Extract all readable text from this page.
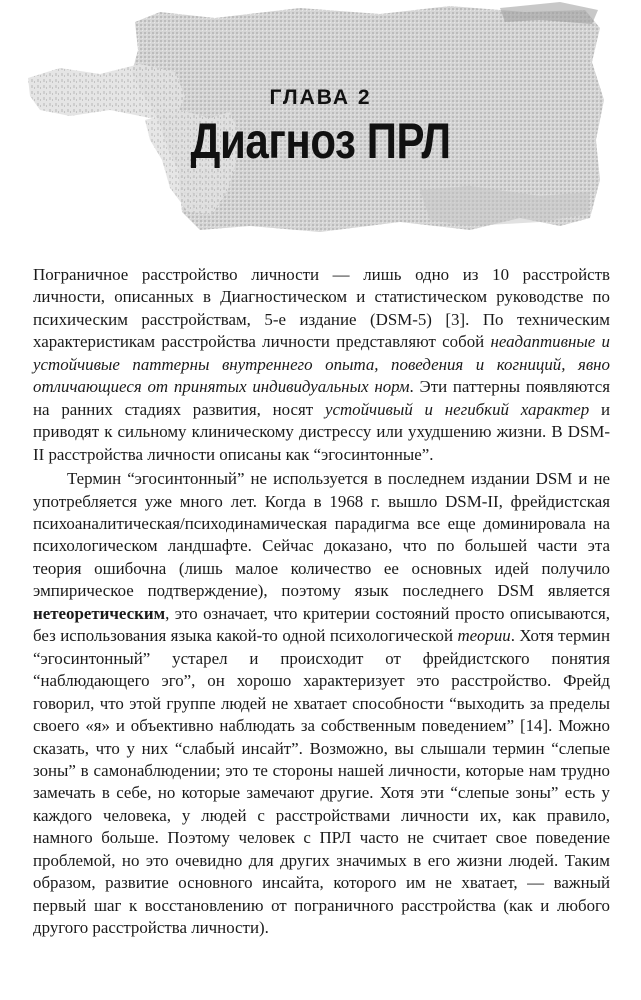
ГЛАВА 2
Диагноз ПРЛ

Пограничное расстройство личности — лишь одно из 10 расстройств личности, описанных в Диагностическом и статистическом руководстве по психическим расстройствам, 5-е издание (DSM-5) [3]. По техническим характеристикам расстройства личности представляют собой неадаптивные и устойчивые паттерны внутреннего опыта, поведения и когниций, явно отличающиеся от принятых индивидуальных норм. Эти паттерны появляются на ранних стадиях развития, носят устойчивый и негибкий характер и приводят к сильному клиническому дистрессу или ухудшению жизни. В DSM-II расстройства личности описаны как “эгосинтонные”.

Термин “эгосинтонный” не используется в последнем издании DSM и не употребляется уже много лет. Когда в 1968 г. вышло DSM-II, фрейдистская психоаналитическая/психодинамическая парадигма все еще доминировала на психологическом ландшафте. Сейчас доказано, что по большей части эта теория ошибочна (лишь малое количество ее основных идей получило эмпирическое подтверждение), поэтому язык последнего DSM является нетеоретическим, это означает, что критерии состояний просто описываются, без использования языка какой-то одной психологической теории. Хотя термин “эгосинтонный” устарел и происходит от фрейдистского понятия “наблюдающего эго”, он хорошо характеризует это расстройство. Фрейд говорил, что этой группе людей не хватает способности “выходить за пределы своего «я» и объективно наблюдать за собственным поведением” [14]. Можно сказать, что у них “слабый инсайт”. Возможно, вы слышали термин “слепые зоны” в самонаблюдении; это те стороны нашей личности, которые нам трудно замечать в себе, но которые замечают другие. Хотя эти “слепые зоны” есть у каждого человека, у людей с расстройствами личности их, как правило, намного больше. Поэтому человек с ПРЛ часто не считает свое поведение проблемой, но это очевидно для других значимых в его жизни людей. Таким образом, развитие основного инсайта, которого им не хватает, — важный первый шаг к восстановлению от пограничного расстройства (как и любого другого расстройства личности).
